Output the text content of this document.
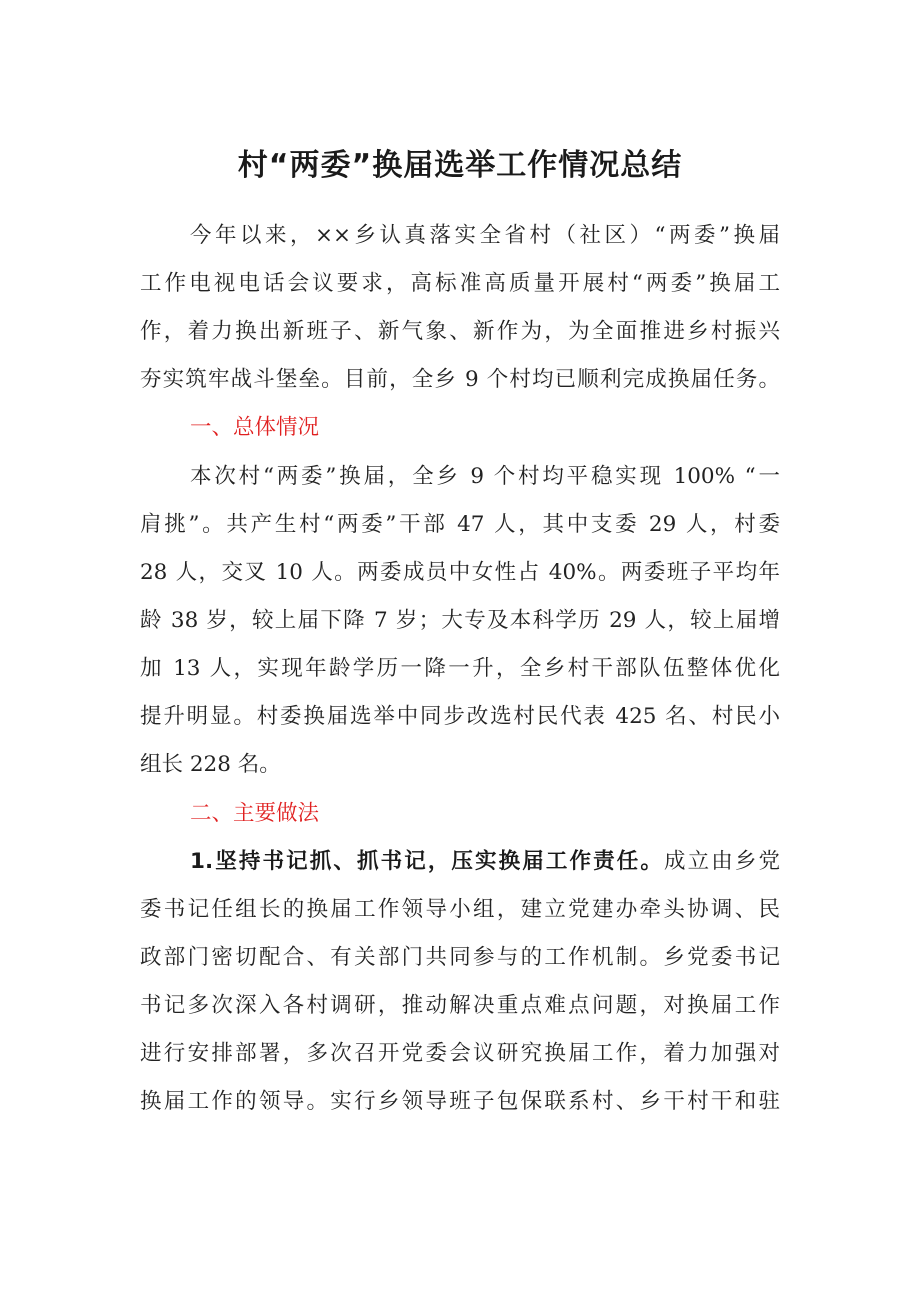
村“两委”换届选举工作情况总结
今年以来，××乡认真落实全省村（社区）“两委”换届
工作电视电话会议要求，高标准高质量开展村“两委”换届工
作，着力换出新班子、新气象、新作为，为全面推进乡村振兴
夯实筑牢战斗堡垒。目前，全乡 9 个村均已顺利完成换届任务。
一、总体情况
本次村“两委”换届，全乡 9 个村均平稳实现 100% “一
肩挑”。共产生村“两委”干部 47 人，其中支委 29 人，村委
28 人，交叉 10 人。两委成员中女性占 40%。两委班子平均年
龄 38 岁，较上届下降 7 岁；大专及本科学历 29 人，较上届增
加 13 人，实现年龄学历一降一升，全乡村干部队伍整体优化
提升明显。村委换届选举中同步改选村民代表 425 名、村民小
组长 228 名。
二、主要做法
1.坚持书记抓、抓书记，压实换届工作责任。成立由乡党
委书记任组长的换届工作领导小组，建立党建办牵头协调、民
政部门密切配合、有关部门共同参与的工作机制。乡党委书记
书记多次深入各村调研，推动解决重点难点问题，对换届工作
进行安排部署，多次召开党委会议研究换届工作，着力加强对
换届工作的领导。实行乡领导班子包保联系村、乡干村干和驻
